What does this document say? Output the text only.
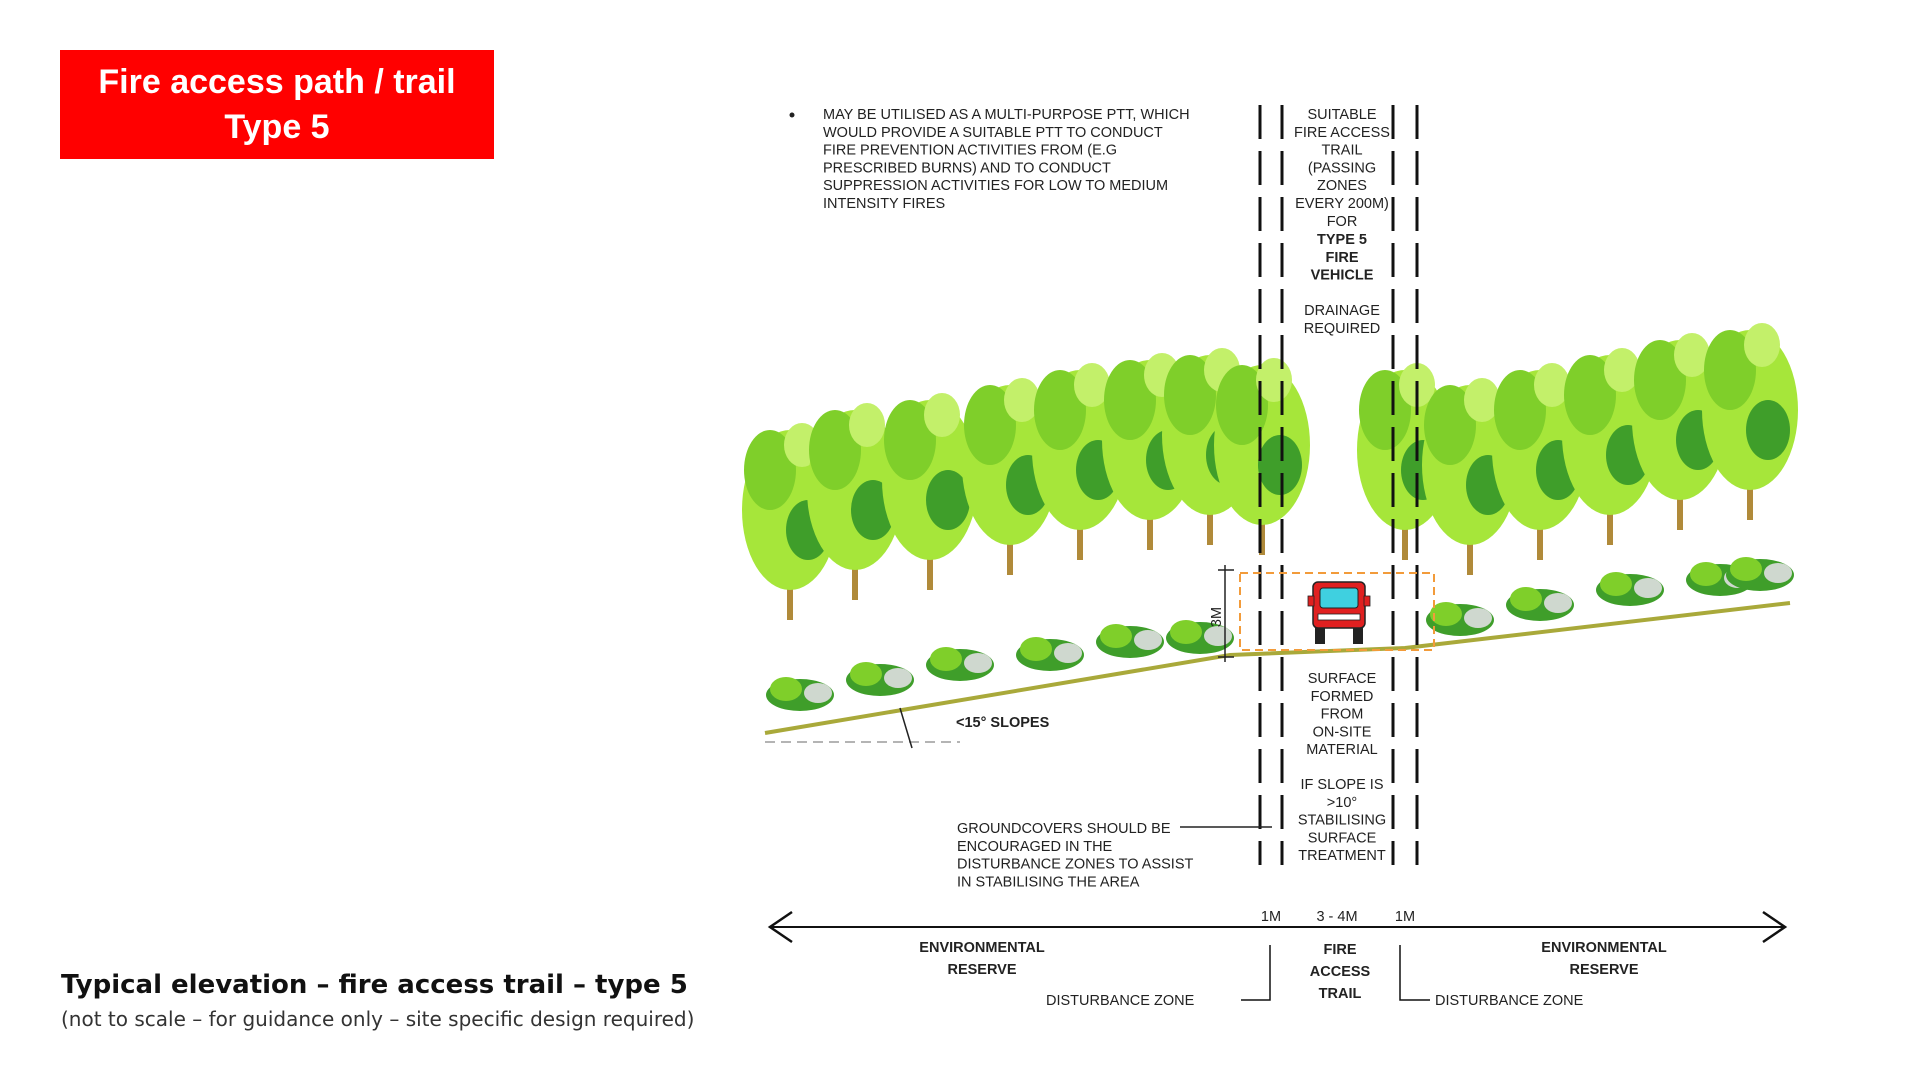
Fire access path / trail
Type 5	MAY BE UTILISED AS A MULTI-PURPOSE PTT, WHICH
WOULD PROVIDE A SUITABLE PTT TO CONDUCT
FIRE PREVENTION ACTIVITIES FROM (E.G
PRESCRIBED BURNS) AND TO CONDUCT
SUPPRESSION ACTIVITIES FOR LOW TO MEDIUM
INTENSITY FIRES
SUITABLE
FIRE ACCESS
TRAIL
(PASSING
ZONES
EVERY 200M)
FOR
TYPE 5
FIRE
VEHICLE
DRAINAGE
REQUIRED
SURFACE
FORMED
FROM
ON-SITE
MATERIAL
IF SLOPE IS
>10°
STABILISING
SURFACE
TREATMENT
GROUNDCOVERS SHOULD BE
ENCOURAGED IN THE
DISTURBANCE ZONES TO ASSIST
IN STABILISING THE AREA
ENVIRONMENTAL
RESERVE
ENVIRONMENTAL
RESERVE
FIRE
ACCESS
TRAIL
<15° SLOPES
3M
1M 3 - 4M	1M
DISTURBANCE ZONE	DISTURBANCE ZONE
Typical elevation – fire access trail – type 5
(not to scale – for guidance only – site specific design required)
